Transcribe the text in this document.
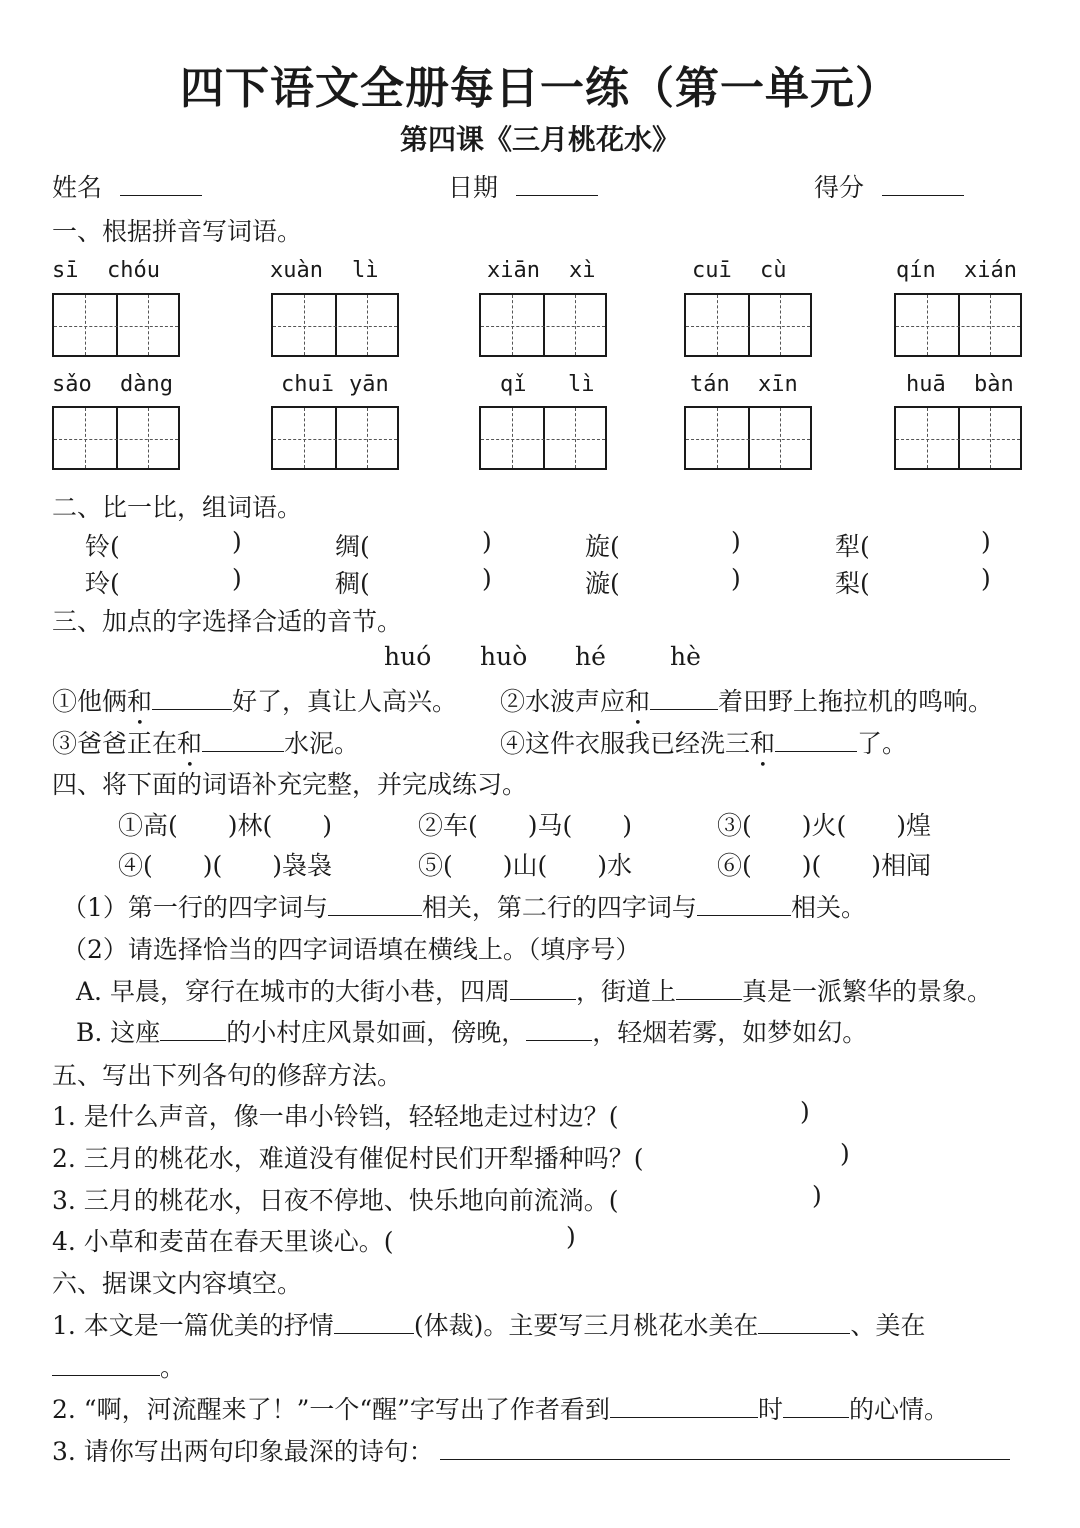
四下语文全册每日一练（第一单元）
第四课《三月桃花水》
姓名	日期	得分
一、根据拼音写词语。
sī chóu	xuàn lì	xiān xì	cuī cù	qín xián
sǎo dàng	chuī yān	qǐ lì	tán xīn	huā bàn
二、比一比，组词语。
铃(	)	绸(	)	旋(	)	犁(	)
玲(	)	稠(	)	漩(	)	梨(	)
三、加点的字选择合适的音节。
huó huò hé	hè
①他俩和	好了，真让人高兴。 ②水波声应和	着田野上拖拉机的鸣响。
③爸爸正在和	水泥。	④这件衣服我已经洗三和	了。
四、将下面的词语补充完整，并完成练习。
①高(　　)林(　　)	②车(　　)马(　　)	③(　　)火(　　)煌
④(　　)(　　)袅袅	⑤(　　)山(　　)水	⑥(　　)(　　)相闻
（1）第一行的四字词与	相关，第二行的四字词与	相关。
（2）请选择恰当的四字词语填在横线上。（填序号）
A. 早晨，穿行在城市的大街小巷，四周	，街道上	真是一派繁华的景象。
B. 这座	的小村庄风景如画，傍晚，	，轻烟若雾，如梦如幻。
五、写出下列各句的修辞方法。
1. 是什么声音，像一串小铃铛，轻轻地走过村边？(	)
2. 三月的桃花水，难道没有催促村民们开犁播种吗？(	)
3. 三月的桃花水，日夜不停地、快乐地向前流淌。(	)
4. 小草和麦苗在春天里谈心。(	)
六、据课文内容填空。
1. 本文是一篇优美的抒情	(体裁)。主要写三月桃花水美在	、美在
。
2. “啊，河流醒来了！”一个“醒”字写出了作者看到	时	的心情。
3. 请你写出两句印象最深的诗句：
